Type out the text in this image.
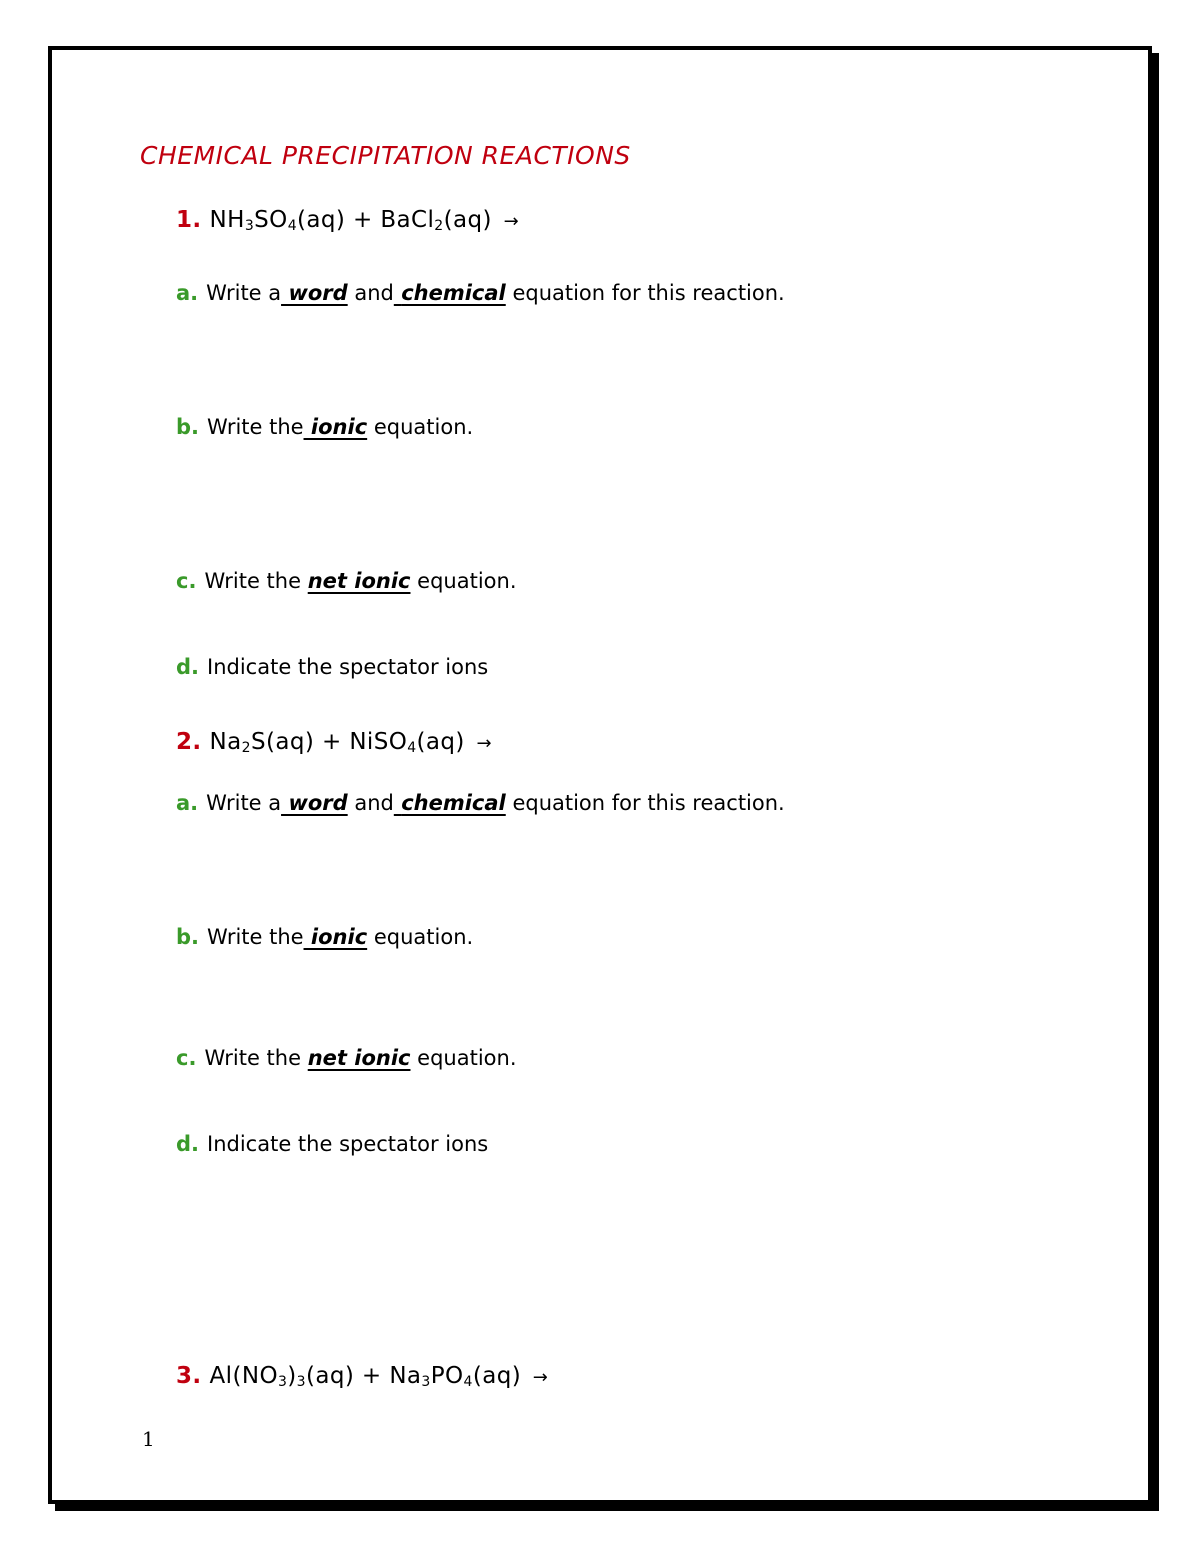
CHEMICAL PRECIPITATION REACTIONS
1. $NH_3SO_4(aq)$ + BaCl$_2$(aq) →
a. Write a word and chemical equation for this reaction.
b. Write the ionic equation.
c. Write the net ionic equation.
d. Indicate the spectator ions
2. $Na_2S(aq)$ + NiSO$_4$(aq) →
a. Write a word and chemical equation for this reaction.
b. Write the ionic equation.
c. Write the net ionic equation.
d. Indicate the spectator ions
3. $Al(NO_3)_3(aq) + Na_3PO_4(aq)$ →
1
